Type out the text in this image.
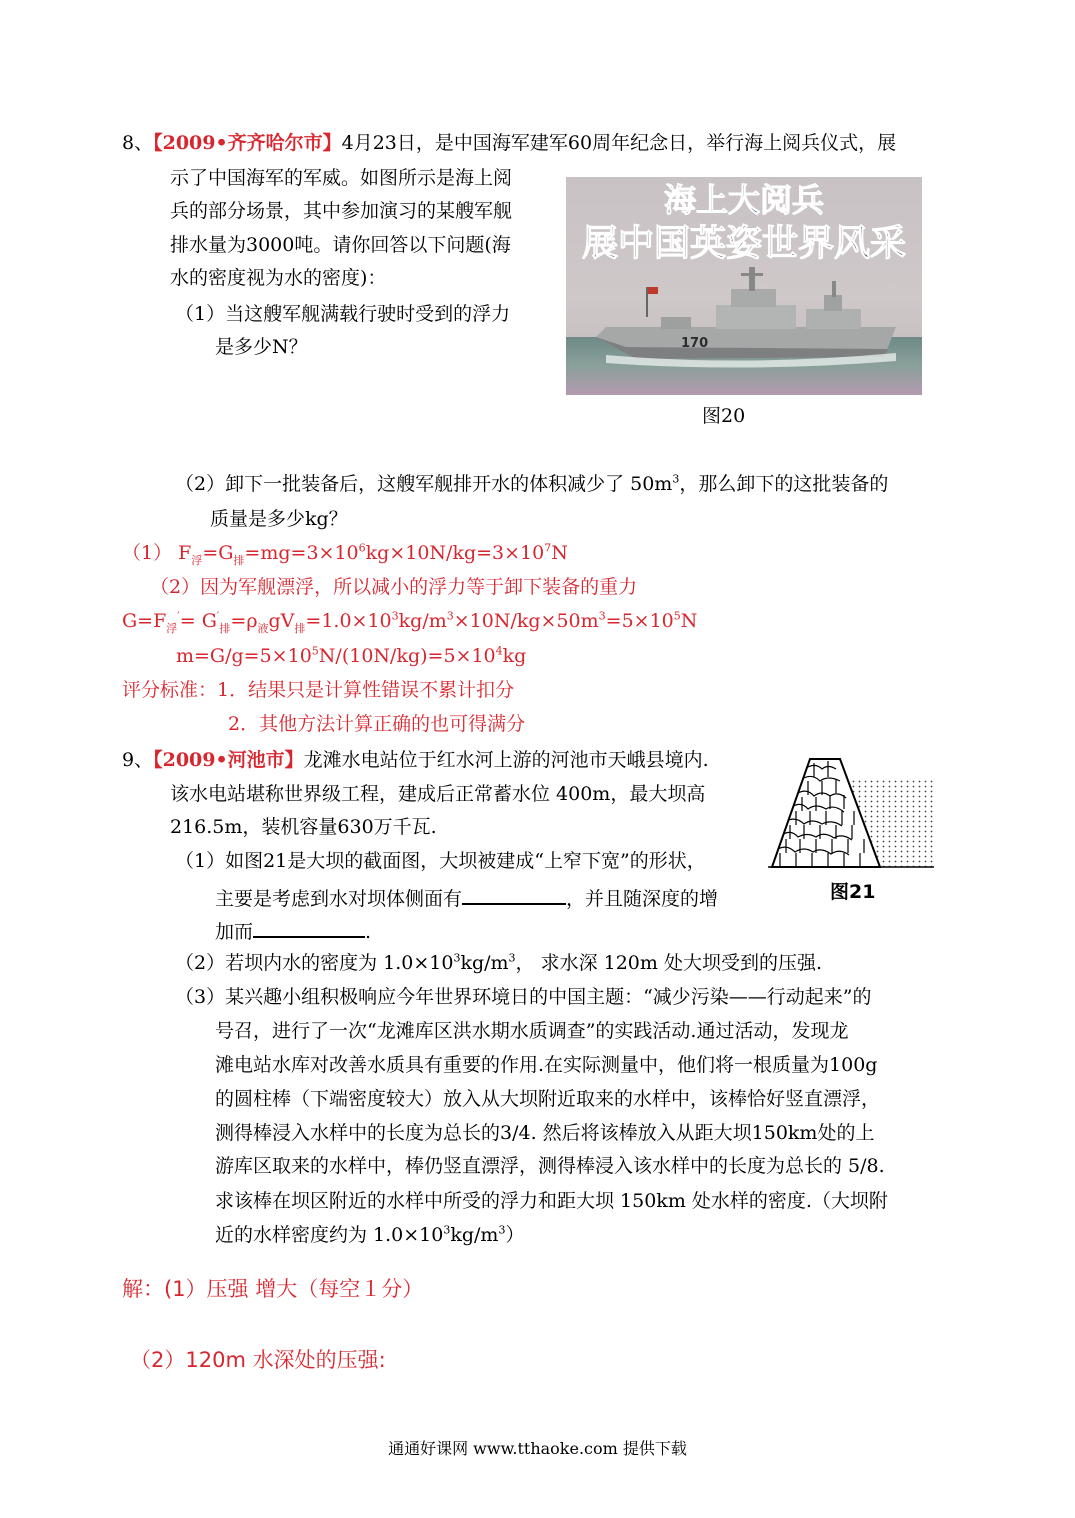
8、【2009•齐齐哈尔市】4月23日，是中国海军建军60周年纪念日，举行海上阅兵仪式，展
示了中国海军的军威。如图所示是海上阅
兵的部分场景，其中参加演习的某艘军舰
排水量为3000吨。请你回答以下问题(海
水的密度视为水的密度)：
（1）当这艘军舰满载行驶时受到的浮力
是多少N？	170
海上大阅兵
展中国英姿世界风采
图20
（2）卸下一批装备后，这艘军舰排开水的体积减少了 $50m^3$，那么卸下的这批装备的
质量是多少kg？
（1） $F_浮=G_排=mg=3\times 10^6kg\times 10N/kg=3\times 10^7N$
（2）因为军舰漂浮，所以减小的浮力等于卸下装备的重力
$G=F_浮'= G'_排=\rho_液gV_排=1.0\times 10^3kg/m^3\times 10N/kg\times 50m^3=5\times 10^5N$
$m=G/g=5\times 10^5N/(10N/kg)=5\times 10^4kg$
评分标准：1．结果只是计算性错误不累计扣分
2．其他方法计算正确的也可得满分
9、【2009•河池市】龙滩水电站位于红水河上游的河池市天峨县境内.
该水电站堪称世界级工程，建成后正常蓄水位 400m，最大坝高
216.5m，装机容量630万千瓦.
（1）如图21是大坝的截面图，大坝被建成“上窄下宽”的形状，
主要是考虑到水对坝体侧面有	，并且随深度的增
加而	.
图21
（2）若坝内水的密度为 $1.0\times 10^3kg/m^3$， 求水深 120m 处大坝受到的压强.
（3）某兴趣小组积极响应今年世界环境日的中国主题：“减少污染——行动起来”的
号召，进行了一次“龙滩库区洪水期水质调查”的实践活动.通过活动，发现龙
滩电站水库对改善水质具有重要的作用.在实际测量中，他们将一根质量为100g
的圆柱棒（下端密度较大）放入从大坝附近取来的水样中，该棒恰好竖直漂浮，
测得棒浸入水样中的长度为总长的3/4. 然后将该棒放入从距大坝150km处的上
游库区取来的水样中，棒仍竖直漂浮，测得棒浸入该水样中的长度为总长的 5/8.
求该棒在坝区附近的水样中所受的浮力和距大坝 150km 处水样的密度.（大坝附
近的水样密度约为 $1.0\times 10^3kg/m^3$）
解：(1）压强 增大（每空１分）
（2）120m 水深处的压强:
通通好课网 www.tthaoke.com 提供下载
